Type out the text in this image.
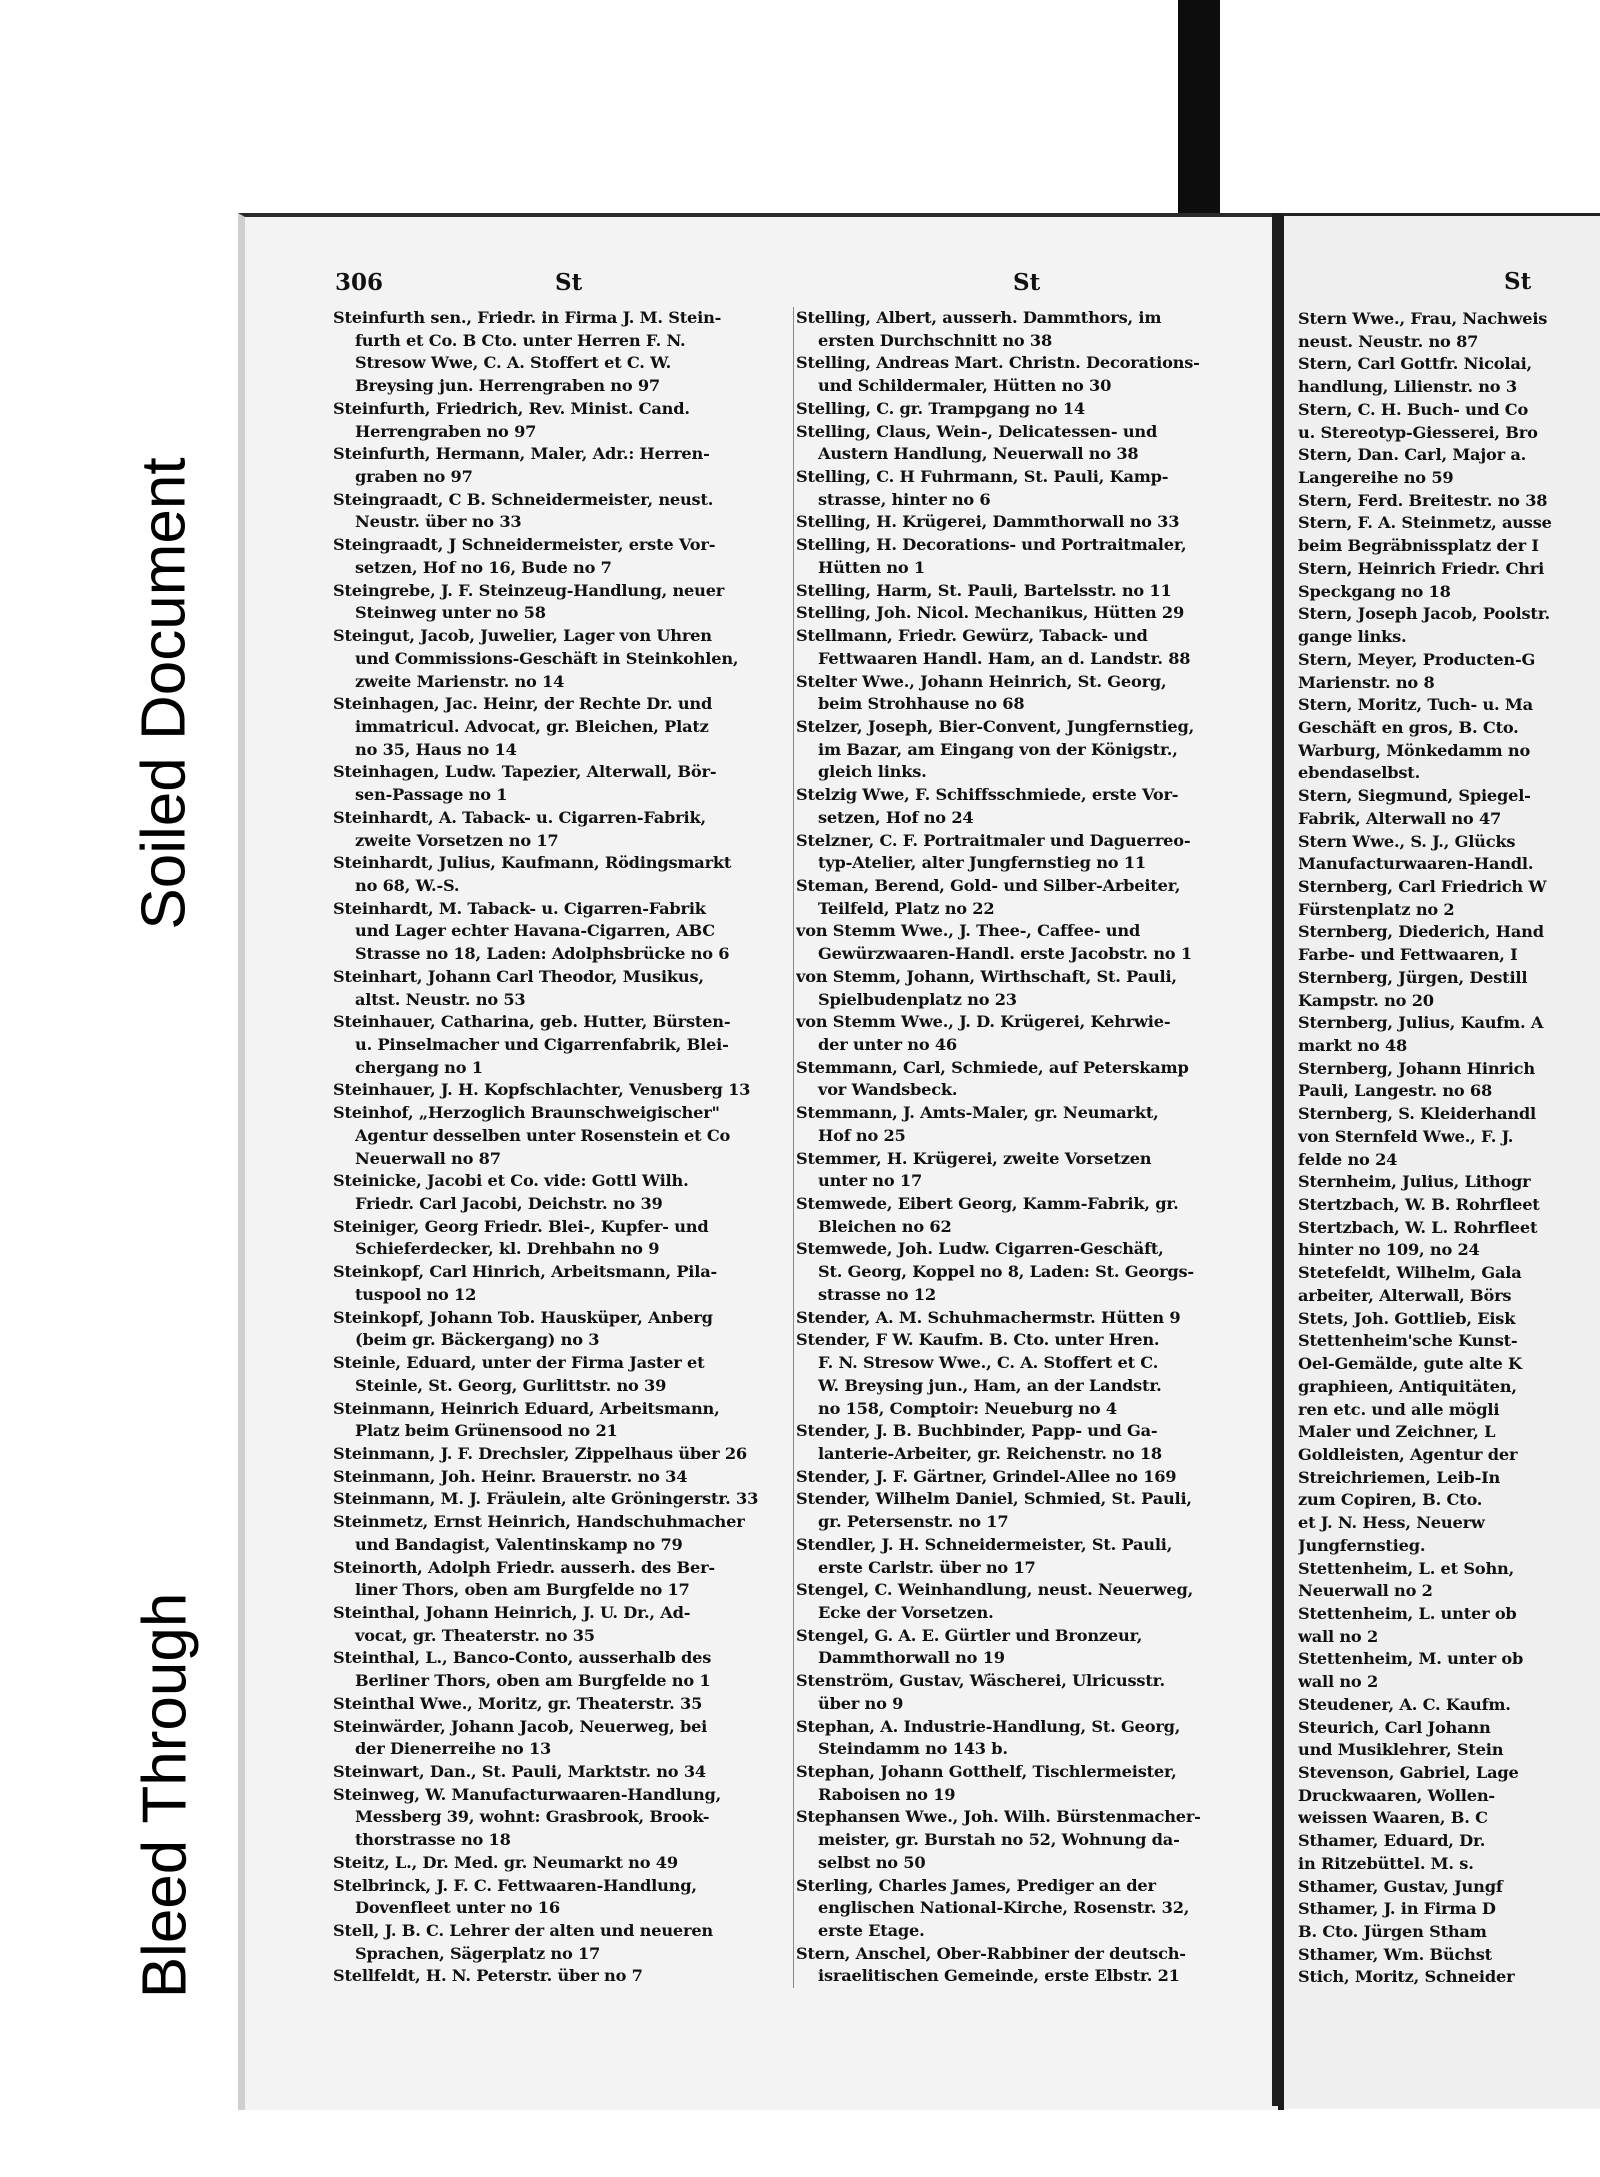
306	St	St
Steinfurth sen., Friedr. in Firma J. M. Stein-
furth et Co. B Cto. unter Herren F. N.
Stresow Wwe, C. A. Stoffert et C. W.
Breysing jun. Herrengraben no 97
Steinfurth, Friedrich, Rev. Minist. Cand.
Herrengraben no 97
Steinfurth, Hermann, Maler, Adr.: Herren-
graben no 97
Steingraadt, C B. Schneidermeister, neust.
Neustr. über no 33
Steingraadt, J Schneidermeister, erste Vor-
setzen, Hof no 16, Bude no 7
Steingrebe, J. F. Steinzeug-Handlung, neuer
Steinweg unter no 58
Steingut, Jacob, Juwelier, Lager von Uhren
und Commissions-Geschäft in Steinkohlen,
zweite Marienstr. no 14
Steinhagen, Jac. Heinr, der Rechte Dr. und
immatricul. Advocat, gr. Bleichen, Platz
no 35, Haus no 14
Steinhagen, Ludw. Tapezier, Alterwall, Bör-
sen-Passage no 1
Steinhardt, A. Taback- u. Cigarren-Fabrik,
zweite Vorsetzen no 17
Steinhardt, Julius, Kaufmann, Rödingsmarkt
no 68, W.-S.
Steinhardt, M. Taback- u. Cigarren-Fabrik
und Lager echter Havana-Cigarren, ABC
Strasse no 18, Laden: Adolphsbrücke no 6
Steinhart, Johann Carl Theodor, Musikus,
altst. Neustr. no 53
Steinhauer, Catharina, geb. Hutter, Bürsten-
u. Pinselmacher und Cigarrenfabrik, Blei-
chergang no 1
Steinhauer, J. H. Kopfschlachter, Venusberg 13
Steinhof, „Herzoglich Braunschweigischer"
Agentur desselben unter Rosenstein et Co
Neuerwall no 87
Steinicke, Jacobi et Co. vide: Gottl Wilh.
Friedr. Carl Jacobi, Deichstr. no 39
Steiniger, Georg Friedr. Blei-, Kupfer- und
Schieferdecker, kl. Drehbahn no 9
Steinkopf, Carl Hinrich, Arbeitsmann, Pila-
tuspool no 12
Steinkopf, Johann Tob. Hausküper, Anberg
(beim gr. Bäckergang) no 3
Steinle, Eduard, unter der Firma Jaster et
Steinle, St. Georg, Gurlittstr. no 39
Steinmann, Heinrich Eduard, Arbeitsmann,
Platz beim Grünensood no 21
Steinmann, J. F. Drechsler, Zippelhaus über 26
Steinmann, Joh. Heinr. Brauerstr. no 34
Steinmann, M. J. Fräulein, alte Gröningerstr. 33
Steinmetz, Ernst Heinrich, Handschuhmacher
und Bandagist, Valentinskamp no 79
Steinorth, Adolph Friedr. ausserh. des Ber-
liner Thors, oben am Burgfelde no 17
Steinthal, Johann Heinrich, J. U. Dr., Ad-
vocat, gr. Theaterstr. no 35
Steinthal, L., Banco-Conto, ausserhalb des
Berliner Thors, oben am Burgfelde no 1
Steinthal Wwe., Moritz, gr. Theaterstr. 35
Steinwärder, Johann Jacob, Neuerweg, bei
der Dienerreihe no 13
Steinwart, Dan., St. Pauli, Marktstr. no 34
Steinweg, W. Manufacturwaaren-Handlung,
Messberg 39, wohnt: Grasbrook, Brook-
thorstrasse no 18
Steitz, L., Dr. Med. gr. Neumarkt no 49
Stelbrinck, J. F. C. Fettwaaren-Handlung,
Dovenfleet unter no 16
Stell, J. B. C. Lehrer der alten und neueren
Sprachen, Sägerplatz no 17
Stellfeldt, H. N. Peterstr. über no 7
Stelling, Albert, ausserh. Dammthors, im
ersten Durchschnitt no 38
Stelling, Andreas Mart. Christn. Decorations-
und Schildermaler, Hütten no 30
Stelling, C. gr. Trampgang no 14
Stelling, Claus, Wein-, Delicatessen- und
Austern Handlung, Neuerwall no 38
Stelling, C. H Fuhrmann, St. Pauli, Kamp-
strasse, hinter no 6
Stelling, H. Krügerei, Dammthorwall no 33
Stelling, H. Decorations- und Portraitmaler,
Hütten no 1
Stelling, Harm, St. Pauli, Bartelsstr. no 11
Stelling, Joh. Nicol. Mechanikus, Hütten 29
Stellmann, Friedr. Gewürz, Taback- und
Fettwaaren Handl. Ham, an d. Landstr. 88
Stelter Wwe., Johann Heinrich, St. Georg,
beim Strohhause no 68
Stelzer, Joseph, Bier-Convent, Jungfernstieg,
im Bazar, am Eingang von der Königstr.,
gleich links.
Stelzig Wwe, F. Schiffsschmiede, erste Vor-
setzen, Hof no 24
Stelzner, C. F. Portraitmaler und Daguerreo-
typ-Atelier, alter Jungfernstieg no 11
Steman, Berend, Gold- und Silber-Arbeiter,
Teilfeld, Platz no 22
von Stemm Wwe., J. Thee-, Caffee- und
Gewürzwaaren-Handl. erste Jacobstr. no 1
von Stemm, Johann, Wirthschaft, St. Pauli,
Spielbudenplatz no 23
von Stemm Wwe., J. D. Krügerei, Kehrwie-
der unter no 46
Stemmann, Carl, Schmiede, auf Peterskamp
vor Wandsbeck.
Stemmann, J. Amts-Maler, gr. Neumarkt,
Hof no 25
Stemmer, H. Krügerei, zweite Vorsetzen
unter no 17
Stemwede, Eibert Georg, Kamm-Fabrik, gr.
Bleichen no 62
Stemwede, Joh. Ludw. Cigarren-Geschäft,
St. Georg, Koppel no 8, Laden: St. Georgs-
strasse no 12
Stender, A. M. Schuhmachermstr. Hütten 9
Stender, F W. Kaufm. B. Cto. unter Hren.
F. N. Stresow Wwe., C. A. Stoffert et C.
W. Breysing jun., Ham, an der Landstr.
no 158, Comptoir: Neueburg no 4
Stender, J. B. Buchbinder, Papp- und Ga-
lanterie-Arbeiter, gr. Reichenstr. no 18
Stender, J. F. Gärtner, Grindel-Allee no 169
Stender, Wilhelm Daniel, Schmied, St. Pauli,
gr. Petersenstr. no 17
Stendler, J. H. Schneidermeister, St. Pauli,
erste Carlstr. über no 17
Stengel, C. Weinhandlung, neust. Neuerweg,
Ecke der Vorsetzen.
Stengel, G. A. E. Gürtler und Bronzeur,
Dammthorwall no 19
Stenström, Gustav, Wäscherei, Ulricusstr.
über no 9
Stephan, A. Industrie-Handlung, St. Georg,
Steindamm no 143 b.
Stephan, Johann Gotthelf, Tischlermeister,
Raboisen no 19
Stephansen Wwe., Joh. Wilh. Bürstenmacher-
meister, gr. Burstah no 52, Wohnung da-
selbst no 50
Sterling, Charles James, Prediger an der
englischen National-Kirche, Rosenstr. 32,
erste Etage.
Stern, Anschel, Ober-Rabbiner der deutsch-
israelitischen Gemeinde, erste Elbstr. 21
St
Stern Wwe., Frau, Nachweis
neust. Neustr. no 87
Stern, Carl Gottfr. Nicolai,
handlung, Lilienstr. no 3
Stern, C. H. Buch- und Co
u. Stereotyp-Giesserei, Bro
Stern, Dan. Carl, Major a.
Langereihe no 59
Stern, Ferd. Breitestr. no 38
Stern, F. A. Steinmetz, ausse
beim Begräbnissplatz der I
Stern, Heinrich Friedr. Chri
Speckgang no 18
Stern, Joseph Jacob, Poolstr.
gange links.
Stern, Meyer, Producten-G
Marienstr. no 8
Stern, Moritz, Tuch- u. Ma
Geschäft en gros, B. Cto.
Warburg, Mönkedamm no
ebendaselbst.
Stern, Siegmund, Spiegel-
Fabrik, Alterwall no 47
Stern Wwe., S. J., Glücks
Manufacturwaaren-Handl.
Sternberg, Carl Friedrich W
Fürstenplatz no 2
Sternberg, Diederich, Hand
Farbe- und Fettwaaren, I
Sternberg, Jürgen, Destill
Kampstr. no 20
Sternberg, Julius, Kaufm. A
markt no 48
Sternberg, Johann Hinrich
Pauli, Langestr. no 68
Sternberg, S. Kleiderhandl
von Sternfeld Wwe., F. J.
felde no 24
Sternheim, Julius, Lithogr
Stertzbach, W. B. Rohrfleet
Stertzbach, W. L. Rohrfleet
hinter no 109, no 24
Stetefeldt, Wilhelm, Gala
arbeiter, Alterwall, Börs
Stets, Joh. Gottlieb, Eisk
Stettenheim'sche Kunst-
Oel-Gemälde, gute alte K
graphieen, Antiquitäten,
ren etc. und alle mögli
Maler und Zeichner, L
Goldleisten, Agentur der
Streichriemen, Leib-In
zum Copiren, B. Cto.
et J. N. Hess, Neuerw
Jungfernstieg.
Stettenheim, L. et Sohn,
Neuerwall no 2
Stettenheim, L. unter ob
wall no 2
Stettenheim, M. unter ob
wall no 2
Steudener, A. C. Kaufm.
Steurich, Carl Johann
und Musiklehrer, Stein
Stevenson, Gabriel, Lage
Druckwaaren, Wollen-
weissen Waaren, B. C
Sthamer, Eduard, Dr.
in Ritzebüttel. M. s.
Sthamer, Gustav, Jungf
Sthamer, J. in Firma D
B. Cto. Jürgen Stham
Sthamer, Wm. Büchst
Stich, Moritz, Schneider
Soiled Document
Bleed Through
